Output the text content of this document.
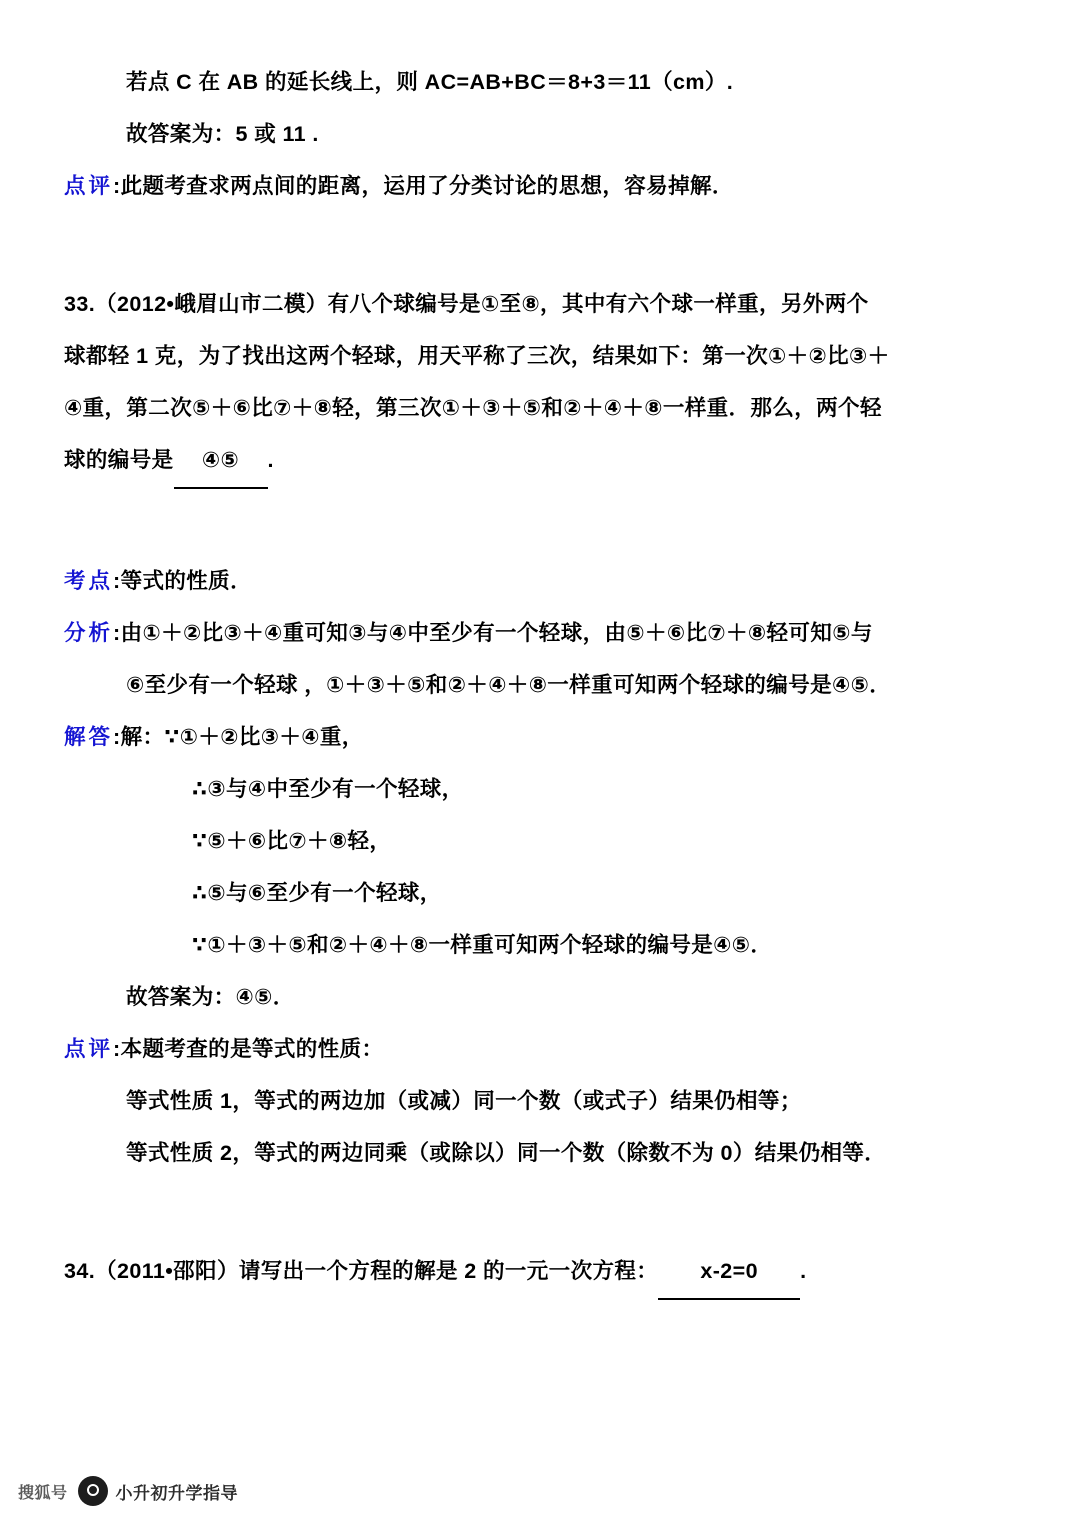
若点 C 在 AB 的延长线上，则 AC=AB+BC＝8+3＝11（cm）.
故答案为：5 或 11 .
点评:此题考查求两点间的距离，运用了分类讨论的思想，容易掉解．
33.（2012•峨眉山市二模）有八个球编号是①至⑧，其中有六个球一样重，另外两个
球都轻 1 克，为了找出这两个轻球，用天平称了三次，结果如下：第一次①＋②比③＋
④重，第二次⑤＋⑥比⑦＋⑧轻，第三次①＋③＋⑤和②＋④＋⑧一样重．那么，两个轻
球的编号是 ④⑤ .
考点:等式的性质．
分析:由①＋②比③＋④重可知③与④中至少有一个轻球，由⑤＋⑥比⑦＋⑧轻可知⑤与
⑥至少有一个轻球 ，①＋③＋⑤和②＋④＋⑧一样重可知两个轻球的编号是④⑤．
解答:解：∵①＋②比③＋④重，
∴③与④中至少有一个轻球，
∵⑤＋⑥比⑦＋⑧轻，
∴⑤与⑥至少有一个轻球，
∵①＋③＋⑤和②＋④＋⑧一样重可知两个轻球的编号是④⑤．
故答案为：④⑤．
点评:本题考查的是等式的性质：
等式性质 1，等式的两边加（或减）同一个数（或式子）结果仍相等；
等式性质 2，等式的两边同乘（或除以）同一个数（除数不为 0）结果仍相等．
34.（2011•邵阳）请写出一个方程的解是 2 的一元一次方程： x‐2=0 .
搜狐号	小升初升学指导
